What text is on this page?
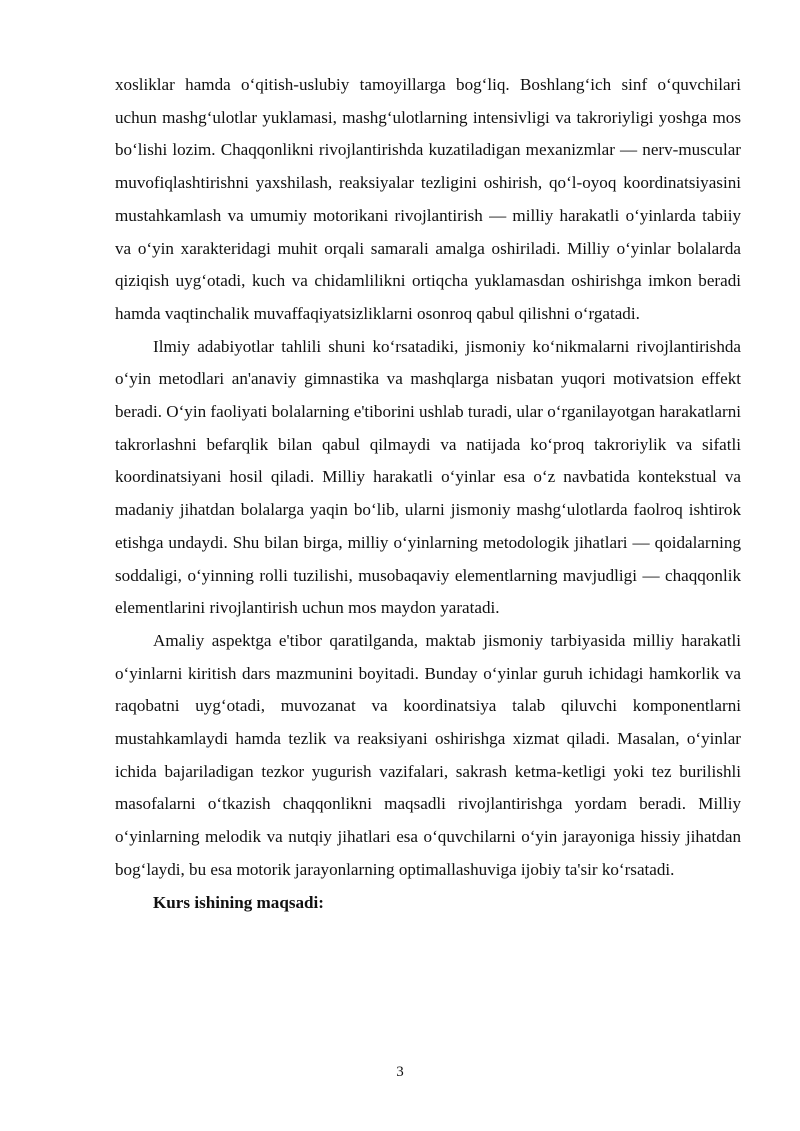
xosliklar hamda o‘qitish-uslubiy tamoyillarga bog‘liq. Boshlang‘ich sinf o‘quvchilari uchun mashg‘ulotlar yuklamasi, mashg‘ulotlarning intensivligi va takroriyligi yoshga mos bo‘lishi lozim. Chaqqonlikni rivojlantirishda kuzatiladigan mexanizmlar — nerv-muscular muvofiqlashtirishni yaxshilash, reaksiyalar tezligini oshirish, qo‘l-oyoq koordinatsiyasini mustahkamlash va umumiy motorikani rivojlantirish — milliy harakatli o‘yinlarda tabiiy va o‘yin xarakteridagi muhit orqali samarali amalga oshiriladi. Milliy o‘yinlar bolalarda qiziqish uyg‘otadi, kuch va chidamlilikni ortiqcha yuklamasdan oshirishga imkon beradi hamda vaqtinchalik muvaffaqiyatsizliklarni osonroq qabul qilishni o‘rgatadi.

Ilmiy adabiyotlar tahlili shuni ko‘rsatadiki, jismoniy ko‘nikmalarni rivojlantirishda o‘yin metodlari an'anaviy gimnastika va mashqlarga nisbatan yuqori motivatsion effekt beradi. O‘yin faoliyati bolalarning e'tiborini ushlab turadi, ular o‘rganilayotgan harakatlarni takrorlashni befarqlik bilan qabul qilmaydi va natijada ko‘proq takroriylik va sifatli koordinatsiyani hosil qiladi. Milliy harakatli o‘yinlar esa o‘z navbatida kontekstual va madaniy jihatdan bolalarga yaqin bo‘lib, ularni jismoniy mashg‘ulotlarda faolroq ishtirok etishga undaydi. Shu bilan birga, milliy o‘yinlarning metodologik jihatlari — qoidalarning soddaligi, o‘yinning rolli tuzilishi, musobaqaviy elementlarning mavjudligi — chaqqonlik elementlarini rivojlantirish uchun mos maydon yaratadi.

Amaliy aspektga e'tibor qaratilganda, maktab jismoniy tarbiyasida milliy harakatli o‘yinlarni kiritish dars mazmunini boyitadi. Bunday o‘yinlar guruh ichidagi hamkorlik va raqobatni uyg‘otadi, muvozanat va koordinatsiya talab qiluvchi komponentlarni mustahkamlaydi hamda tezlik va reaksiyani oshirishga xizmat qiladi. Masalan, o‘yinlar ichida bajariladigan tezkor yugurish vazifalari, sakrash ketma-ketligi yoki tez burilishli masofalarni o‘tkazish chaqqonlikni maqsadli rivojlantirishga yordam beradi. Milliy o‘yinlarning melodik va nutqiy jihatlari esa o‘quvchilarni o‘yin jarayoniga hissiy jihatdan bog‘laydi, bu esa motorik jarayonlarning optimallashuviga ijobiy ta'sir ko‘rsatadi.

Kurs ishining maqsadi:

3
